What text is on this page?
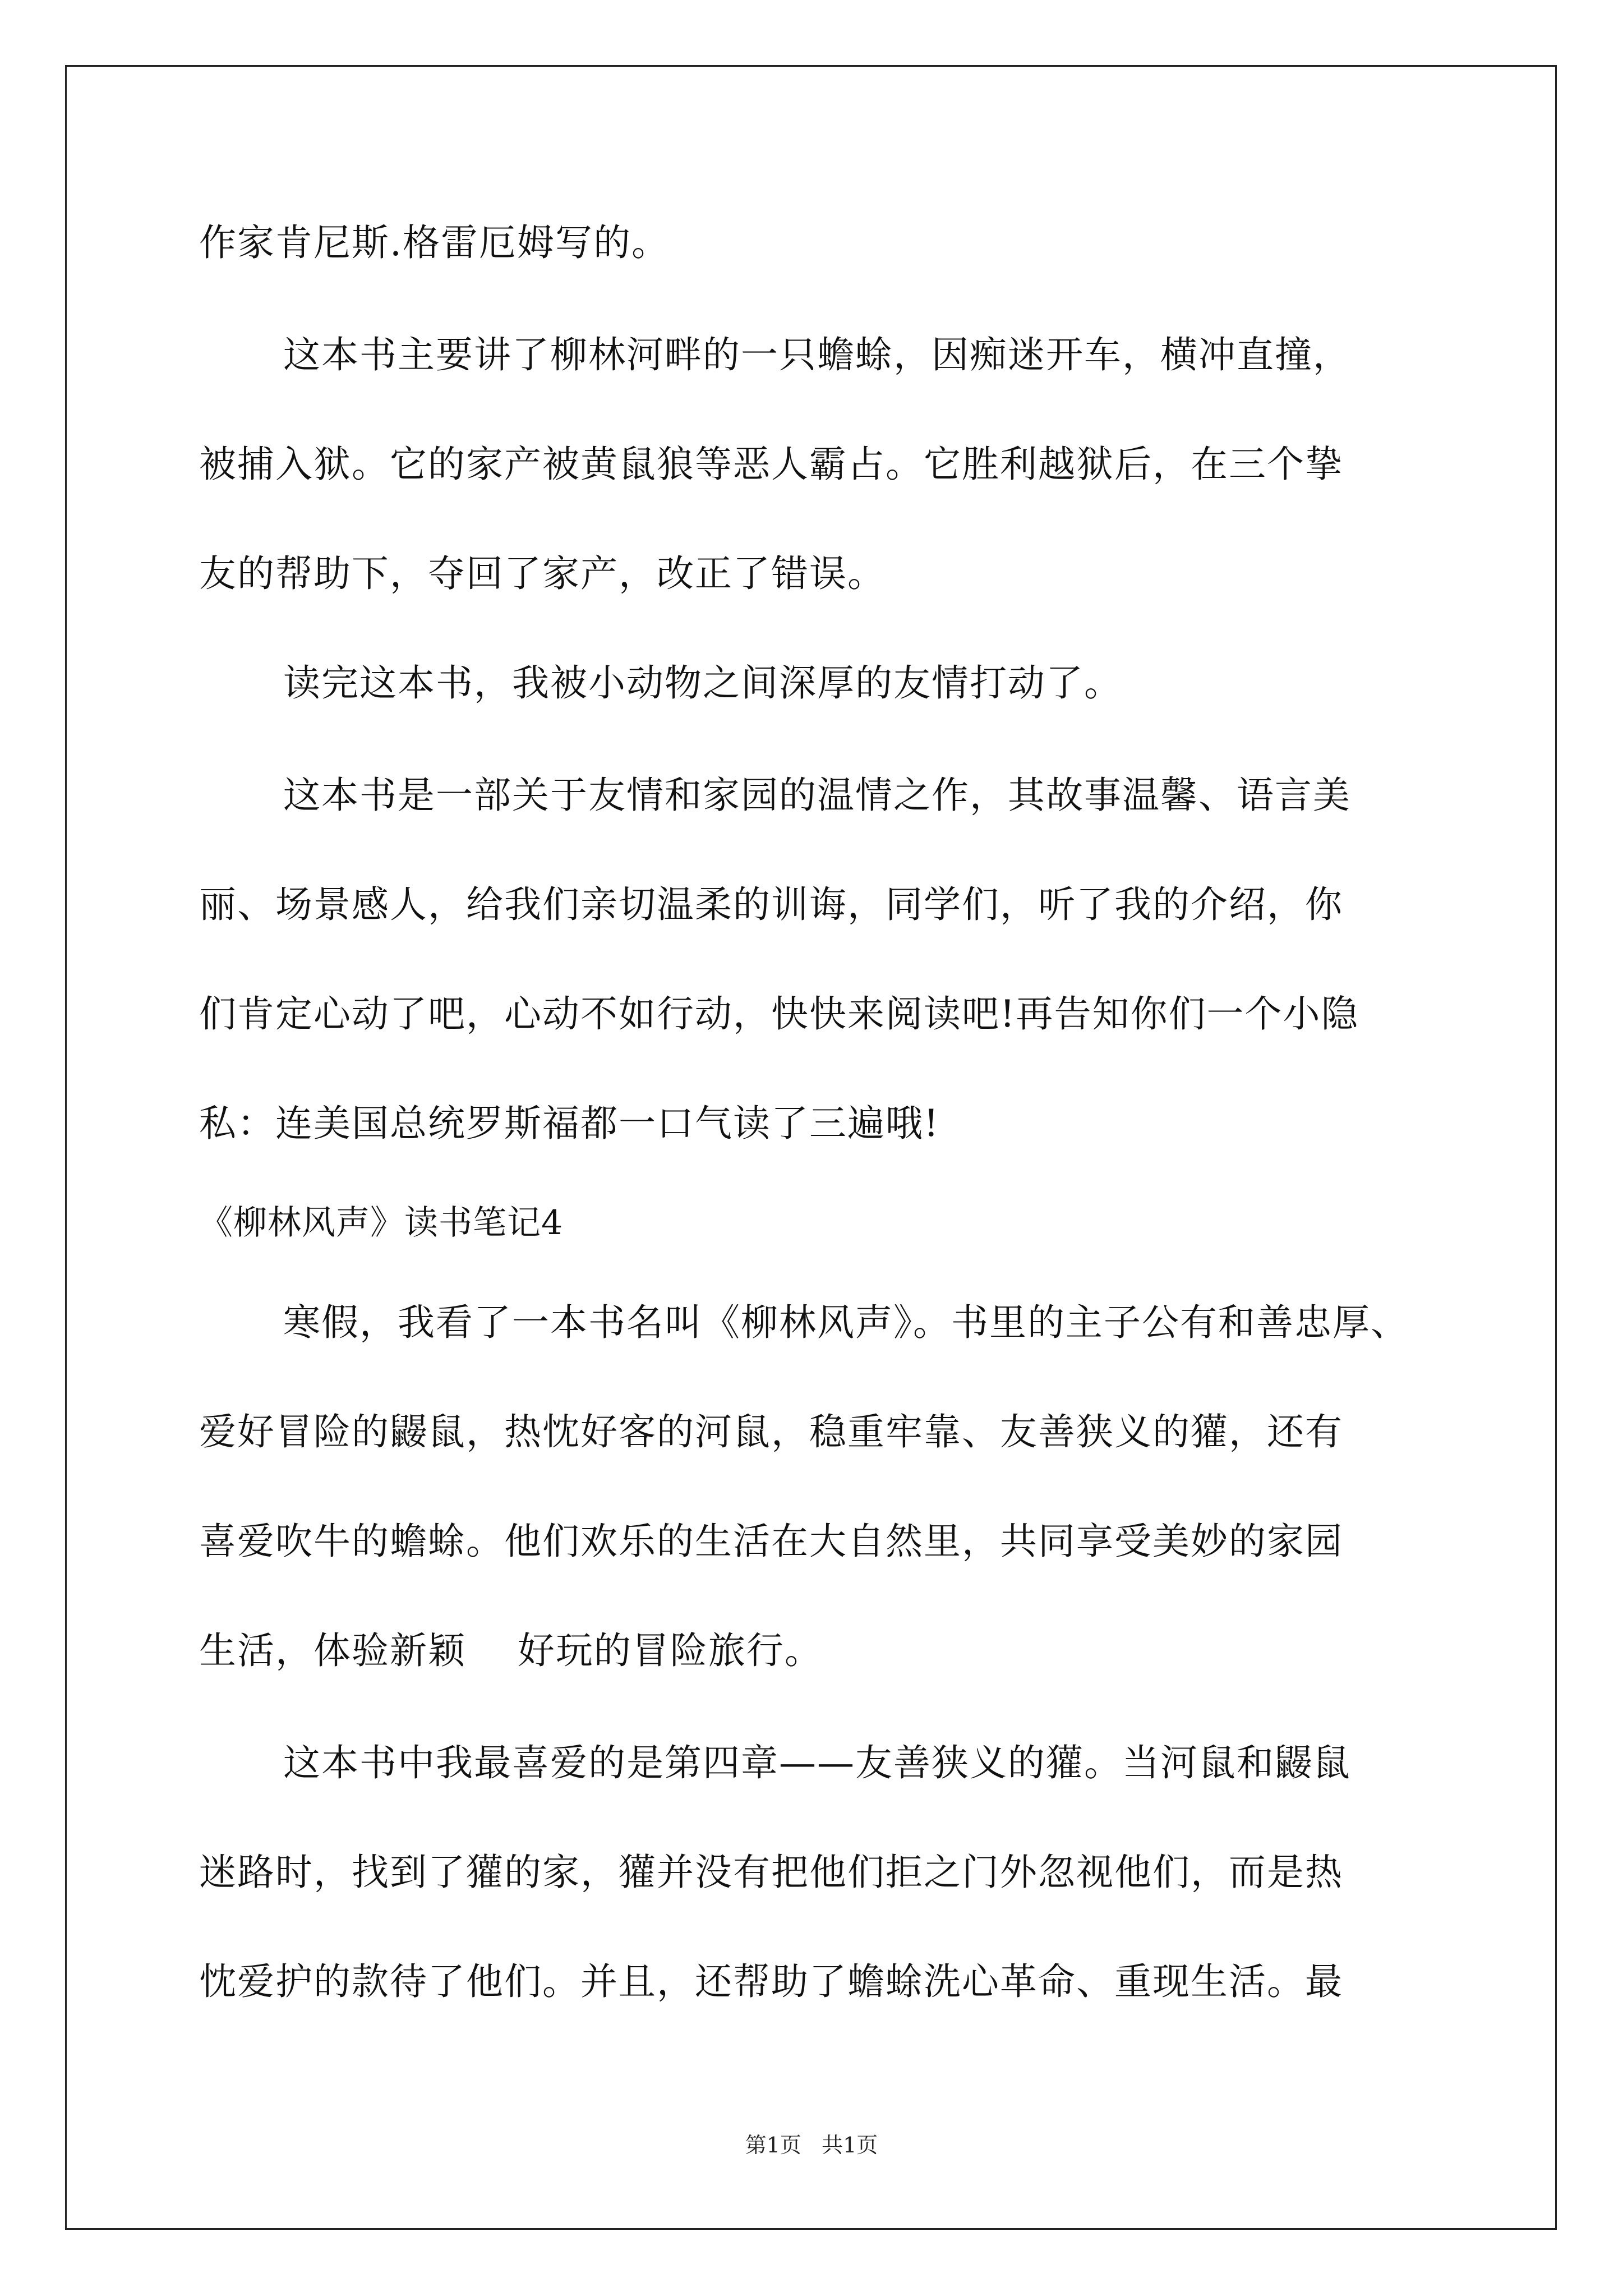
作家肯尼斯.格雷厄姆写的。
这本书主要讲了柳林河畔的一只蟾蜍，因痴迷开车，横冲直撞，
被捕入狱。它的家产被黄鼠狼等恶人霸占。它胜利越狱后，在三个挚
友的帮助下，夺回了家产，改正了错误。
读完这本书，我被小动物之间深厚的友情打动了。
这本书是一部关于友情和家园的温情之作，其故事温馨、语言美
丽、场景感人，给我们亲切温柔的训诲，同学们，听了我的介绍，你
们肯定心动了吧，心动不如行动，快快来阅读吧!再告知你们一个小隐
私：连美国总统罗斯福都一口气读了三遍哦!
《柳林风声》读书笔记4
寒假，我看了一本书名叫《柳林风声》。书里的主子公有和善忠厚、
爱好冒险的鼹鼠，热忱好客的河鼠，稳重牢靠、友善狭义的獾，还有
喜爱吹牛的蟾蜍。他们欢乐的生活在大自然里，共同享受美妙的家园
生活，体验新颖    好玩的冒险旅行。
这本书中我最喜爱的是第四章——友善狭义的獾。当河鼠和鼹鼠
迷路时，找到了獾的家，獾并没有把他们拒之门外忽视他们，而是热
忱爱护的款待了他们。并且，还帮助了蟾蜍洗心革命、重现生活。最
第1页   共1页
